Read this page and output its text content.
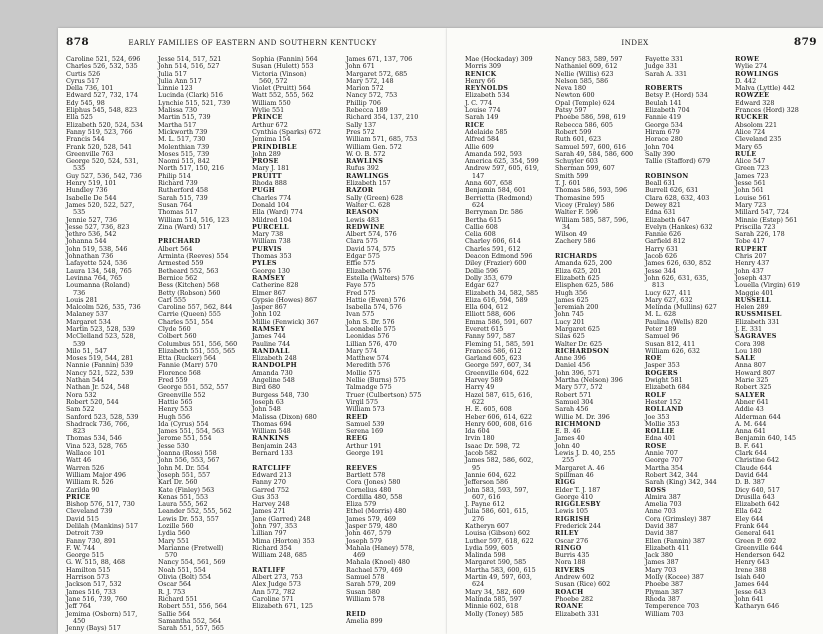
878	EARLY FAMILIES OF EASTERN AND SOUTHERN KENTUCKY
Caroline 521, 524, 696
Charles 526, 532, 535
Curtis 526
Cyrus 517
Della 736, 101
Edward 527, 732, 174
Edy 545, 98
Eliphus 545, 548, 823
Ella 525
Elizabeth 520, 524, 534
Fanny 519, 523, 766
Francis 544
Frank 520, 528, 541
Greenville 763
George 520, 524, 531,
535
Guy 527, 536, 542, 736
Henry 519, 101
Hundley 736
Isabelle De 544
James 520, 522, 527,
535
Jennie 527, 736
Jesse 527, 736, 823
Jethro 536, 542
Johanna 544
John 519, 538, 546
Johnathan 736
Lafayette 524, 536
Laura 134, 548, 765
Levinna 764, 765
Loumanna (Roland)
736
Louis 281
Malcolm 526, 535, 736
Malaney 537
Margaret 534
Martin 523, 528, 539
McClelland 523, 528,
539
Milo 51, 547
Moses 519, 544, 281
Nannie (Fannin) 539
Nancy 521, 522, 539
Nathan 544
Nathan Jr. 524, 548
Nora 532
Robert 520, 544
Sam 522
Sanford 523, 528, 539
Shadrack 736, 766,
823
Thomas 534, 546
Vina 523, 528, 765
Wallace 101
Watt 46
Warren 526
William Major 496
William R. 526
Zarilda 90
PRICE
Bishop 576, 517, 730
Cleveland 739
David 515
Delilah (Mankins) 517
Detroit 739
Fanny 730, 891
F. W. 744
George 515
G. W. 515, 88, 468
Hamilton 515
Harrison 573
Jackson 517, 532
James 516, 733
Jane 516, 739, 760
Jeff 764
Jemima (Osborn) 517,
450
Jenny (Bays) 517
Jesse 514, 517, 521
John 514, 516, 527
Julia 517
Julia Ann 517
Linnie 123
Lucinda (Clark) 516
Lynchie 515, 521, 739
Malissa 730
Martin 515, 739
Martha 517
Mickworth 739
M. L. 517, 730
Molenthian 739
Moses 515, 739
Naomi 515, 842
North 517, 150, 216
Philip 514
Richard 739
Rutherford 458
Sarah 515, 739
Susan 764
Thomas 517
William 514, 516, 123
Zina (Ward) 517
PRICHARD
Albert 564
Arminta (Reeves) 554
Armested 559
Betheard 552, 563
Bernice 562
Bess (Kitchen) 568
Betty (Robson) 560
Carl 555
Caroline 557, 562, 844
Carrie (Queen) 555
Charles 551, 554
Clyde 560
Colbert 560
Columbus 551, 556, 560
Elizabeth 551, 555, 565
Etta (Rucker) 564
Fannie (Marr) 570
Florence 568
Fred 559
George 551, 552, 557
Greenville 552
Hattie 565
Henry 553
Hugh 556
Ida (Cyrus) 554
James 551, 554, 563
Jerome 551, 554
Jesse 530
Joanna (Ross) 558
John 556, 553, 567
John M. Dr. 554
Joseph 551, 557
Karl Dr. 560
Kate (Finley) 563
Kenas 551, 553
Laura 555, 562
Leander 552, 555, 562
Lewis Dr. 553, 557
Lozille 560
Lydia 560
Mary 551
Marianne (Fretwell)
570
Nancy 554, 561, 569
Noah 551, 554
Olivia (Bolt) 554
Oscar 564
R. J. 753
Richard 551
Robert 551, 556, 564
Sallie 564
Samantha 552, 564
Sarah 551, 557, 565
Sophia (Fannin) 564
Susan (Hulett) 553
Victoria (Vinson)
560, 572
Violet (Pruitt) 564
Watt 552, 555, 562
William 550
Wylie 551
PRINCE
Arthur 672
Cynthia (Sparks) 672
Jemima 154
PRINDIBLE
John 289
PROSE
Mary J. 181
PRUITT
Rhoda 888
PUGH
Charles 774
Donald 104
Ella (Ward) 774
Mildred 104
PURCELL
Mary 738
William 738
PURVIS
Thomas 353
PYLES
George 130
RAMSEY
Catherine 828
Elmer 867
Gypsie (Howes) 867
Jasper 867
John 102
Millie (Fenwick) 367
RAMSEY
James 744
Pauline 744
RANDALL
Elizabeth 248
RANDOLPH
Amanda 730
Angeline 548
Bird 680
Burgess 548, 730
Joseph 63
John 548
Malissa (Dixon) 680
Thomas 694
William 548
RANKINS
Benjamin 243
Bernard 133
RATCLIFF
Edward 213
Fanny 270
Garred 752
Gus 353
Harvey 248
James 271
Jane (Garred) 248
John 797, 353
Lillian 797
Mima (Horton) 353
Richard 354
William 248, 685
RATLIFF
Albert 273, 753
Alex Judge 573
Ann 572, 782
Caroline 571
Elizabeth 671, 125
James 671, 137, 706
John 671
Margaret 572, 685
Mary 572, 148
Marion 572
Nancy 572, 753
Phillip 706
Rebecca 189
Richard 354, 137, 210
Sally 137
Pres 572
William 571, 685, 753
William Gen. 572
W. O. B. 572
RAWLINS
Rufus 392
RAWLINGS
Elizabeth 157
RAZOR
Sally (Green) 628
Walter C. 628
REASON
Lewis 483
REDWINE
Albert 574, 576
Clara 575
David 574, 575
Edgar 575
Effie 575
Elizabeth 576
Estella (Walters) 576
Faye 575
Fred 575
Hattie (Ewen) 576
Isabella 574, 576
Ivan 575
John S. Dr. 576
Leonabelle 575
Leonidas 576
Lillian 576, 470
Mary 574
Matthew 574
Meredith 576
Mollie 575
Nellie (Burns) 575
Talmadge 575
Truer (Culbertson) 575
Virgil 575
William 573
REED
Samuel 539
Serena 169
REEG
Arthur 191
George 191
REEVES
Bartlett 578
Cora (Jones) 580
Cornelius 480
Cordilla 480, 558
Eliza 579
Ethel (Morris) 480
James 579, 469
Jasper 579, 480
John 467, 579
Joseph 579
Mahala (Haney) 578,
469
Mahala (Knoel) 480
Rachael 579, 469
Samuel 578
Sarah 579, 209
Susan 580
William 578
REID
Amelia 899
INDEX	879
Mae (Hockaday) 309
Morris 309
RENICK
Henry 66
REYNOLDS
Elizabeth 534
J. C. 774
Louise 774
Sarah 149
RICE
Adelaide 585
Alfred 584
Allie 609
Amanda 592, 593
America 625, 354, 599
Andrew 597, 605, 619,
147
Anna 607, 658
Benjamin 584, 601
Berrietta (Redmond)
624
Berryman Dr. 586
Bertha 615
Callie 608
Celia 608
Charley 606, 614
Charles 591, 612
Deacon Edmond 596
Diley (Frazier) 600
Dollie 596
Dolly 353, 679
Edgar 627
Elizabeth 34, 582, 585
Eliza 616, 594, 589
Ella 604, 612
Elliott 588, 606
Emma 586, 591, 607
Everett 615
Fanny 597, 587
Fleming 51, 585, 591
Frances 586, 612
Garland 605, 623
George 597, 607, 34
Greenville 604, 622
Harvey 589
Harry 49
Hazel 587, 615, 616,
622
H. E. 605, 608
Heber 606, 614, 622
Henry 600, 608, 616
Ida 604
Irvin 180
Isaac Dr. 598, 72
Jacob 582
James 582, 586, 602,
95
Jannie 604, 622
Jefferson 586
John 583, 593, 597,
607, 616
J. Payne 612
Julia 586, 601, 615,
276
Katheryn 607
Louisa (Gibson) 602
Luther 597, 618, 622
Lydia 599, 605
Malinda 598
Margaret 590, 585
Martha 583, 600, 615
Martin 49, 597, 603,
624
Mary 34, 582, 609
Malinda 585, 597
Minnie 602, 618
Molly (Toney) 585
Nancy 583, 589, 597
Nathaniel 609, 612
Nellie (Willis) 623
Nelson 585, 586
Neva 180
Newton 600
Opal (Temple) 624
Patsy 597
Phoebe 586, 598, 619
Rebecca 586, 605
Robert 599
Ruth 601, 623
Samuel 597, 600, 616
Sarah 49, 584, 586, 600
Schuyler 603
Sherman 599, 607
Smith 599
T. J. 601
Thomas 586, 593, 596
Thomasine 595
Vicey (Fraley) 586
Walter F. 596
William 585, 587, 596,
34
Wilson 49
Zachery 586
RICHARDS
Amanda 625, 200
Eliza 625, 201
Elizabeth 625
Elisphen 625, 586
Hugh 356
James 625
Jeremiah 200
John 745
Lucy 201
Margaret 625
Silas 625
Walter Dr. 625
RICHARDSON
Anne 396
Daniel 456
John 396, 571
Martha (Nelson) 396
Mary 577, 572
Robert 571
Samuel 304
Sarah 456
Willie M. Dr. 396
RICHMOND
E. B. 46
James 40
John 40
Lewis J. D. 40, 255
255
Margaret A. 46
Spillman 46
RIGG
Elder T. J. 187
George 410
RIGGLESBY
Lewis 105
RIGRISH
Frederick 244
RILEY
Oscar 276
RINGO
Burris 435
Nora 188
RIVERS
Andrew 602
Susan (Rice) 602
ROACH
Phoebe 282
ROANE
Elizabeth 331
Fayette 331
Judge 331
Sarah A. 331
ROBERTS
Betsy P. (Hord) 534
Beulah 141
Elizabeth 704
Fannie 419
George 534
Hiram 679
Horace 280
John 704
Sally 390
Tallie (Stafford) 679
ROBINSON
Beall 631
Burrell 626, 631
Clara 628, 632, 403
Dewey 821
Edna 631
Elizabeth 647
Evelyn (Hankes) 632
Fannie 626
Garfield 812
Harry 631
Jacob 626
James 626, 630, 852
Jesse 344
John 626, 631, 635,
813
Lucy 627, 411
Mary 627, 632
Melinda (Mullins) 627
M. L. 628
Paulina (Wells) 820
Peter 189
Samuel 96
Susan 812, 411
William 626, 632
ROE
Jasper 353
ROGERS
Dwight 581
Elizabeth 684
ROLF
Hester 152
ROLLAND
Joe 353
Mollie 353
ROLLIE
Edna 401
ROSE
Annie 707
George 707
Martha 354
Robert 342, 344
Sarah (King) 342, 344
ROSS
Almira 387
Amelia 703
Anne 703
Cora (Grimsley) 387
David 387
David 387
Ellen (Fannin) 387
Elizabeth 411
Jack 380
James 387
Mary 703
Molly (Kocee) 387
Phoebe 387
Plyman 387
Rhoda 387
Temperence 703
William 703
ROWE
Wylie 274
ROWLINGS
D. 442
Malva (Lyttle) 442
ROWZEE
Edward 328
Frances (Hord) 328
RUCKER
Absolom 221
Alice 724
Cleveland 235
Mary 65
RULE
Alice 547
Green 723
James 723
Jesse 561
John 561
Louise 561
Mary 723
Millard 547, 724
Minnie (Estep) 561
Priscilla 723
Sarah 226, 178
Tobe 417
RUPERT
Chris 207
Henry 437
John 437
Joseph 437
Louella (Virgin) 619
Maggie 401
RUSSELL
Helen 289
RUSSMISEL
Elizabeth 331
J. E. 331
SAGRAVES
Cora 398
Lou 180
SALE
Anna 807
Howard 807
Marie 325
Robert 325
SALYER
Abner 641
Addie 43
Alderman 644
A. M. 644
Anna 641
Benjamin 640, 145
B. F. 641
Clark 644
Christine 642
Claude 644
David 644
D. B. 387
Dicy 640, 517
Drusilla 643
Elizabeth 642
Ella 642
Eley 644
Frank 644
General 641
Green P. 692
Greenville 644
Henderson 642
Henry 643
Irene 388
Isiah 640
James 644
Jesse 643
John 641
Katharyn 646
